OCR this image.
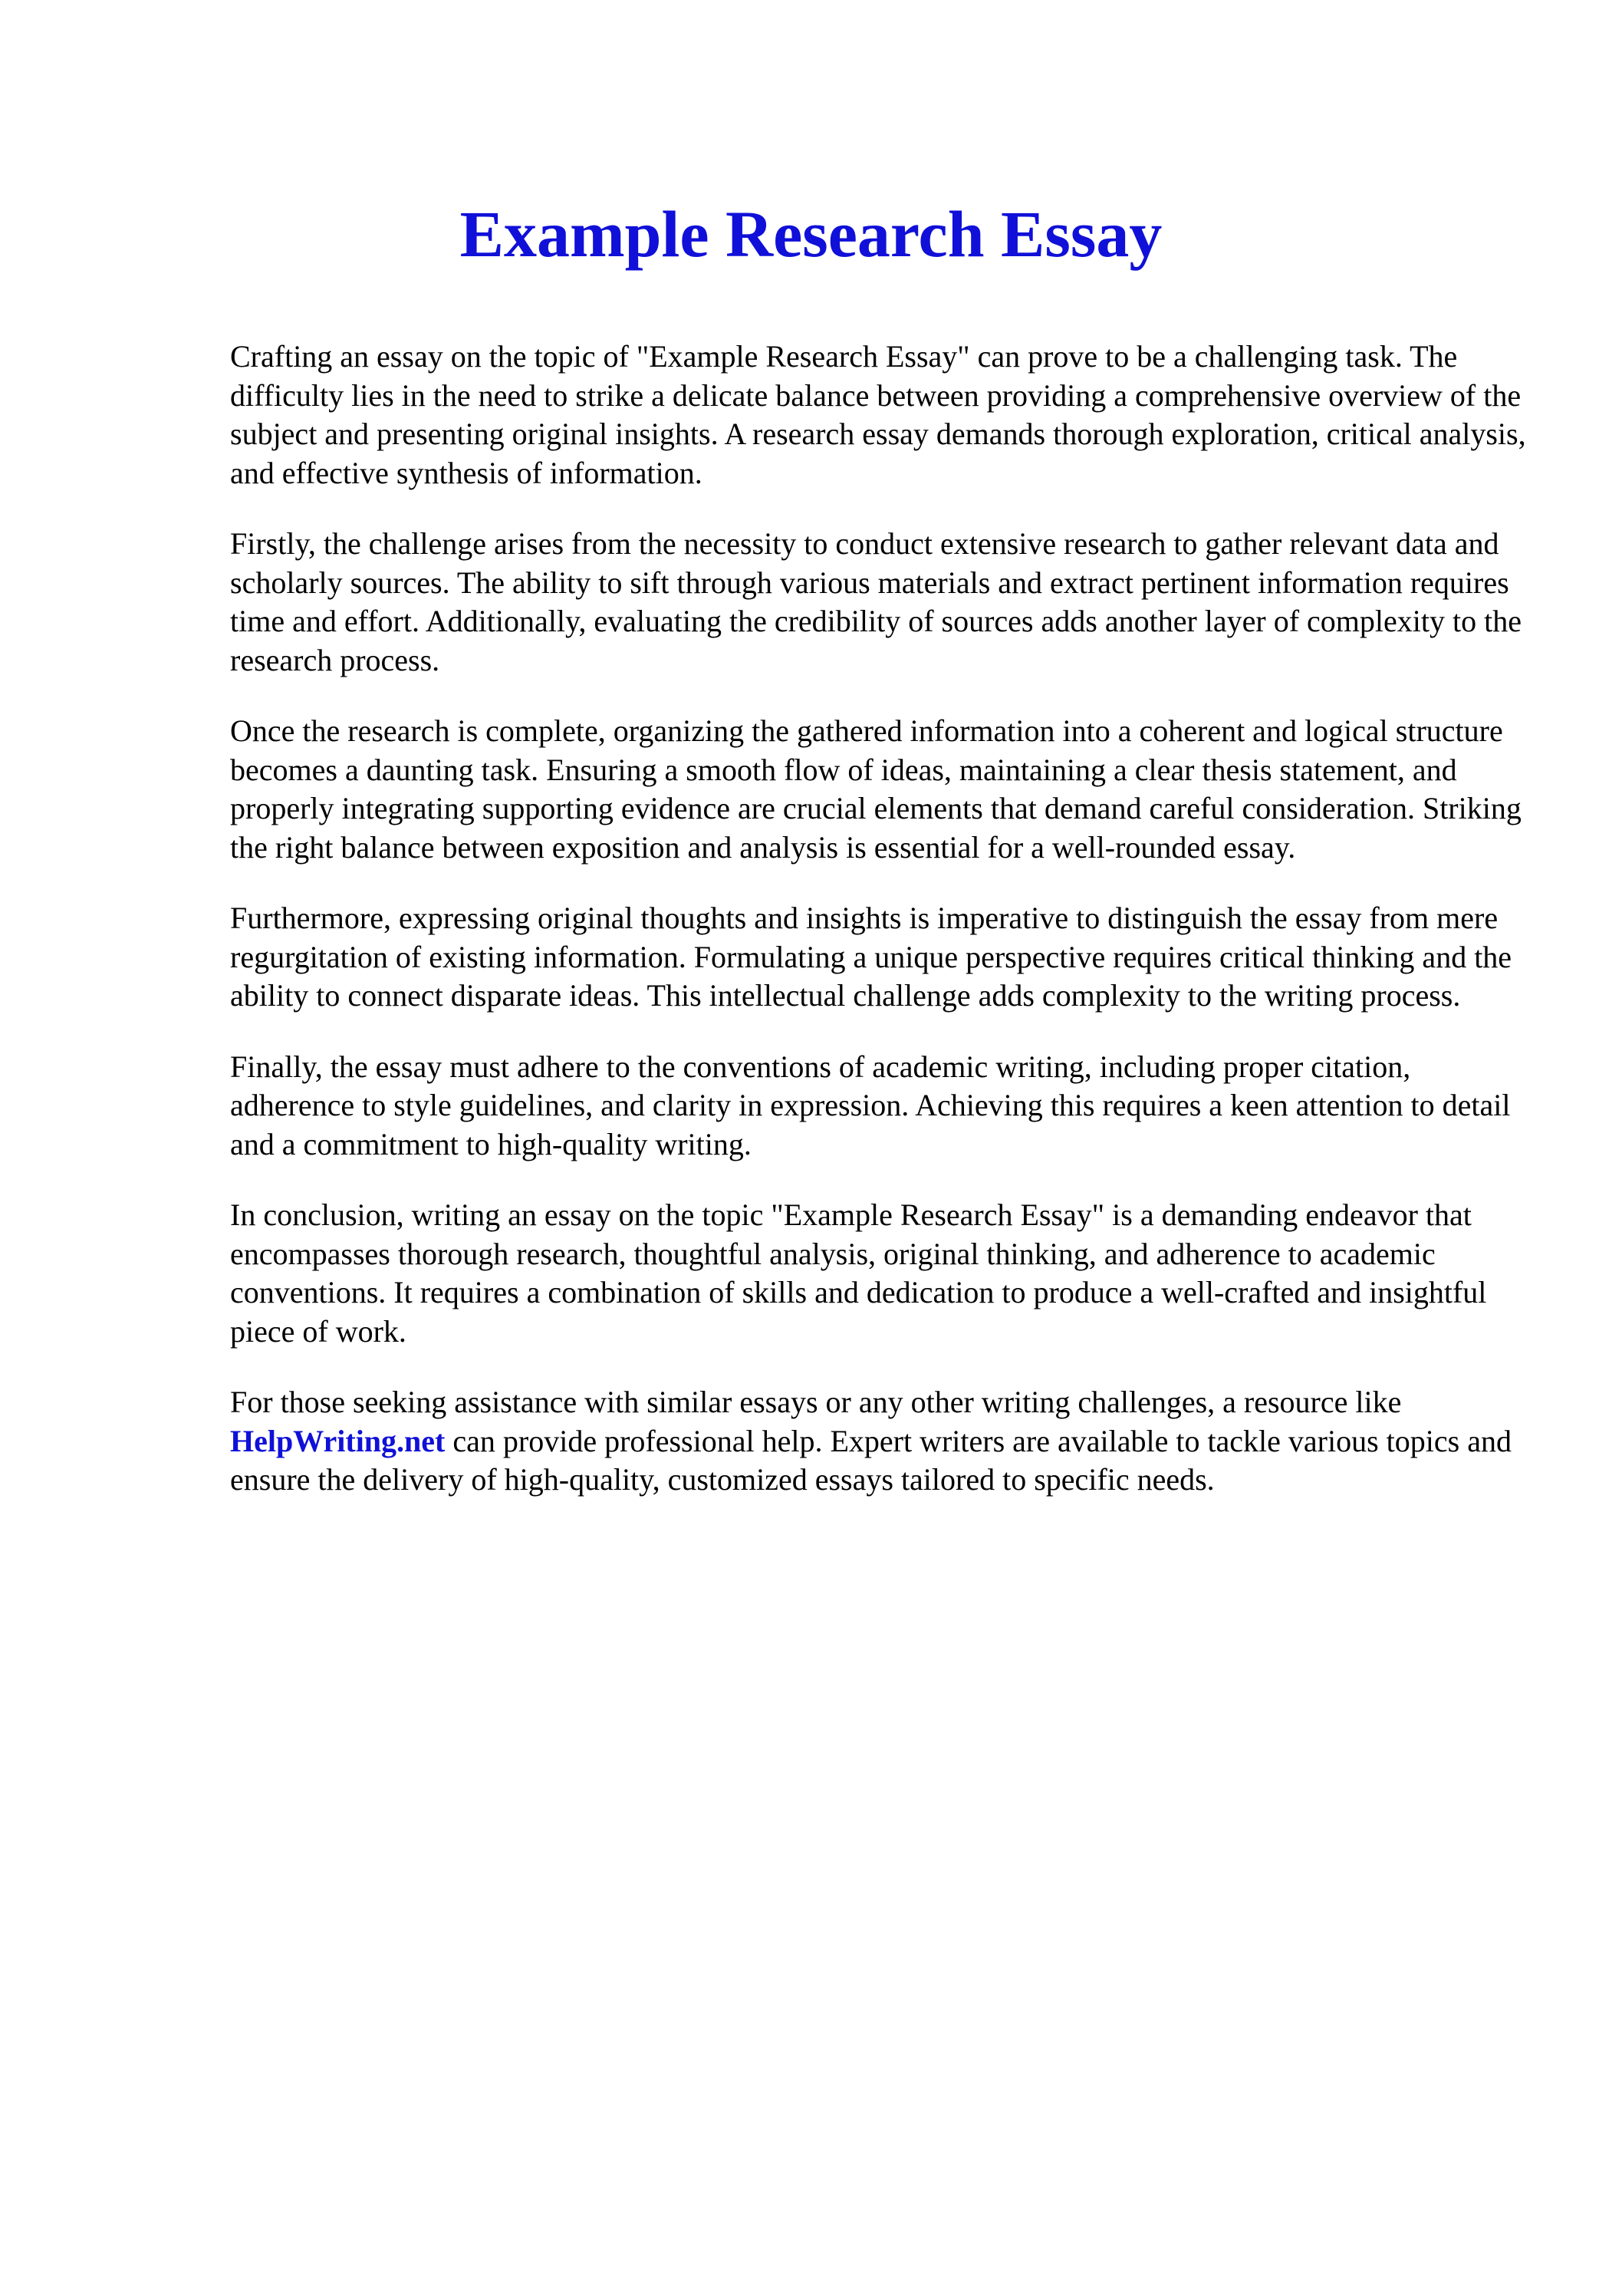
Example Research Essay

Crafting an essay on the topic of "Example Research Essay" can prove to be a challenging task. The difficulty lies in the need to strike a delicate balance between providing a comprehensive overview of the subject and presenting original insights. A research essay demands thorough exploration, critical analysis, and effective synthesis of information.

Firstly, the challenge arises from the necessity to conduct extensive research to gather relevant data and scholarly sources. The ability to sift through various materials and extract pertinent information requires time and effort. Additionally, evaluating the credibility of sources adds another layer of complexity to the research process.

Once the research is complete, organizing the gathered information into a coherent and logical structure becomes a daunting task. Ensuring a smooth flow of ideas, maintaining a clear thesis statement, and properly integrating supporting evidence are crucial elements that demand careful consideration. Striking the right balance between exposition and analysis is essential for a well-rounded essay.

Furthermore, expressing original thoughts and insights is imperative to distinguish the essay from mere regurgitation of existing information. Formulating a unique perspective requires critical thinking and the ability to connect disparate ideas. This intellectual challenge adds complexity to the writing process.

Finally, the essay must adhere to the conventions of academic writing, including proper citation, adherence to style guidelines, and clarity in expression. Achieving this requires a keen attention to detail and a commitment to high-quality writing.

In conclusion, writing an essay on the topic "Example Research Essay" is a demanding endeavor that encompasses thorough research, thoughtful analysis, original thinking, and adherence to academic conventions. It requires a combination of skills and dedication to produce a well-crafted and insightful piece of work.

For those seeking assistance with similar essays or any other writing challenges, a resource like
HelpWriting.net can provide professional help. Expert writers are available to tackle various topics and ensure the delivery of high-quality, customized essays tailored to specific needs.
